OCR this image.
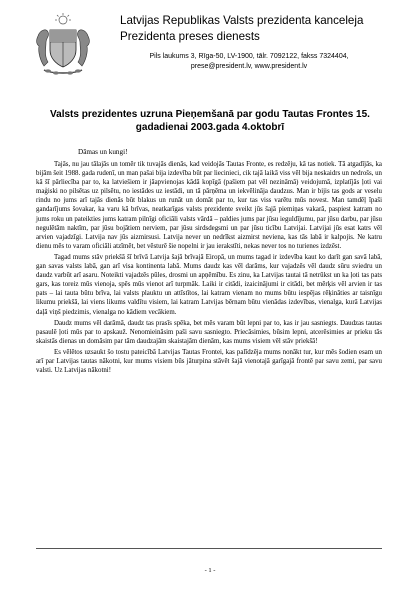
Latvijas Republikas Valsts prezidenta kanceleja
Prezidenta preses dienests
Pils laukums 3, Rīga-50, LV-1900, tālr. 7092122, fakss 7324404,
prese@president.lv, www.president.lv
Valsts prezidentes uzruna Pieņemšanā par godu Tautas Frontes 15.
gadadienai 2003.gada 4.oktobrī
Dāmas un kungi!

Tajās, nu jau tālajās un tomēr tik tuvajās dienās, kad veidojās Tautas Fronte, es redzēju, kā tas notiek. Tā atgadījās, ka bijām šeit 1988. gada rudenī, un man pašai bija izdevība būt par liecinieci, cik tajā laikā viss vēl bija neskaidrs un nedrošs, un kā šī pārliecība par to, ka latviešiem ir jāapvienojas kādā kopīgā (pašiem pat vēl nezināmā) veidojumā, izplatījās ļoti vai maģiski no pilsētas uz pilsētu, no iestādes uz iestādi, un tā pārņēma un iekvēlināja daudzus. Man ir bijis tas gods ar veselu rindu no jums arī tajās dienās būt blakus un runāt un domāt par to, kur tas viss varētu mūs novest. Man tamdēļ īpaši gandarījums šovakar, ka varu kā brīvas, neatkarīgas valsts prezidente sveikt jūs šajā piemiņas vakarā, paspiest katram no jums roku un pateikties jums katram pilnīgi oficiāli valsts vārdā – paldies jums par jūsu ieguldījumu, par jūsu darbu, par jūsu negulētām naktīm, par jūsu bojātiem nerviem, par jūsu sirdsdegsmi un par jūsu ticību Latvijai. Latvijai jūs esat katrs vēl arvien vajadzīgi. Latvija nav jūs aizmirsusi. Latvija never un nedrīkst aizmirst neviena, kas tās labā ir kalpojis. Ne katru dienu mēs to varam oficiāli atzīmēt, bet vēsturē šie nopelni ir jau ierakstīti, nekas never tos no turienes izdzēst.

Tagad mums stāv priekšā šī brīvā Latvija šajā brīvajā Eiropā, un mums tagad ir izdevība kaut ko darīt gan savā labā, gan savas valsts labā, gan arī visa kontinenta labā. Mums daudz kas vēl darāms, kur vajadzēs vēl daudz sūru sviedru un daudz varbūt arī asaru. Noteikti vajadzēs pūles, drosmi un apņēmību. Es zinu, ka Latvijas tautai tā netrūkst un ka ļoti tas pats gars, kas toreiz mūs vienoja, spēs mūs vienot arī turpmāk. Laiki ir citādi, izaicinājumi ir citādi, bet mērķis vēl arvien ir tas pats – lai tauta būtu brīva, lai valsts plauktu un attīstītos, lai katram vienam no mums būtu iespējas rēķināties ar taisnīgu likumu priekšā, lai viens likums valdītu visiem, lai katram Latvijas bērnam būtu vienādas izdevības, vienalga, kurā Latvijas daļā viņš piedzimis, vienalga no kādiem vecākiem.

Daudz mums vēl darāmā, daudz tas prasīs spēka, bet mēs varam būt lepni par to, kas ir jau sasniegts. Daudzas tautas pasaulē ļoti mūs par to apskauž. Nenomieināsim paši savu sasniegto. Priecāsimies, būsim lepni, atcerēsimies ar prieku tās skaistās dienas un domāsim par tām daudzajām skaistajām dienām, kas mums visiem vēl stāv priekšā!

Es vēlētos uzsaukt šo tostu pateicībā Latvijas Tautas Frontei, kas palīdzēja mums nonākt tur, kur mēs šodien esam un arī par Latvijas tautas nākotni, kur mums visiem būs jāturpina stāvēt šajā vienotajā garīgajā frontē par savu zemi, par savu valsti. Uz Latvijas nākotni!

- 1 -
